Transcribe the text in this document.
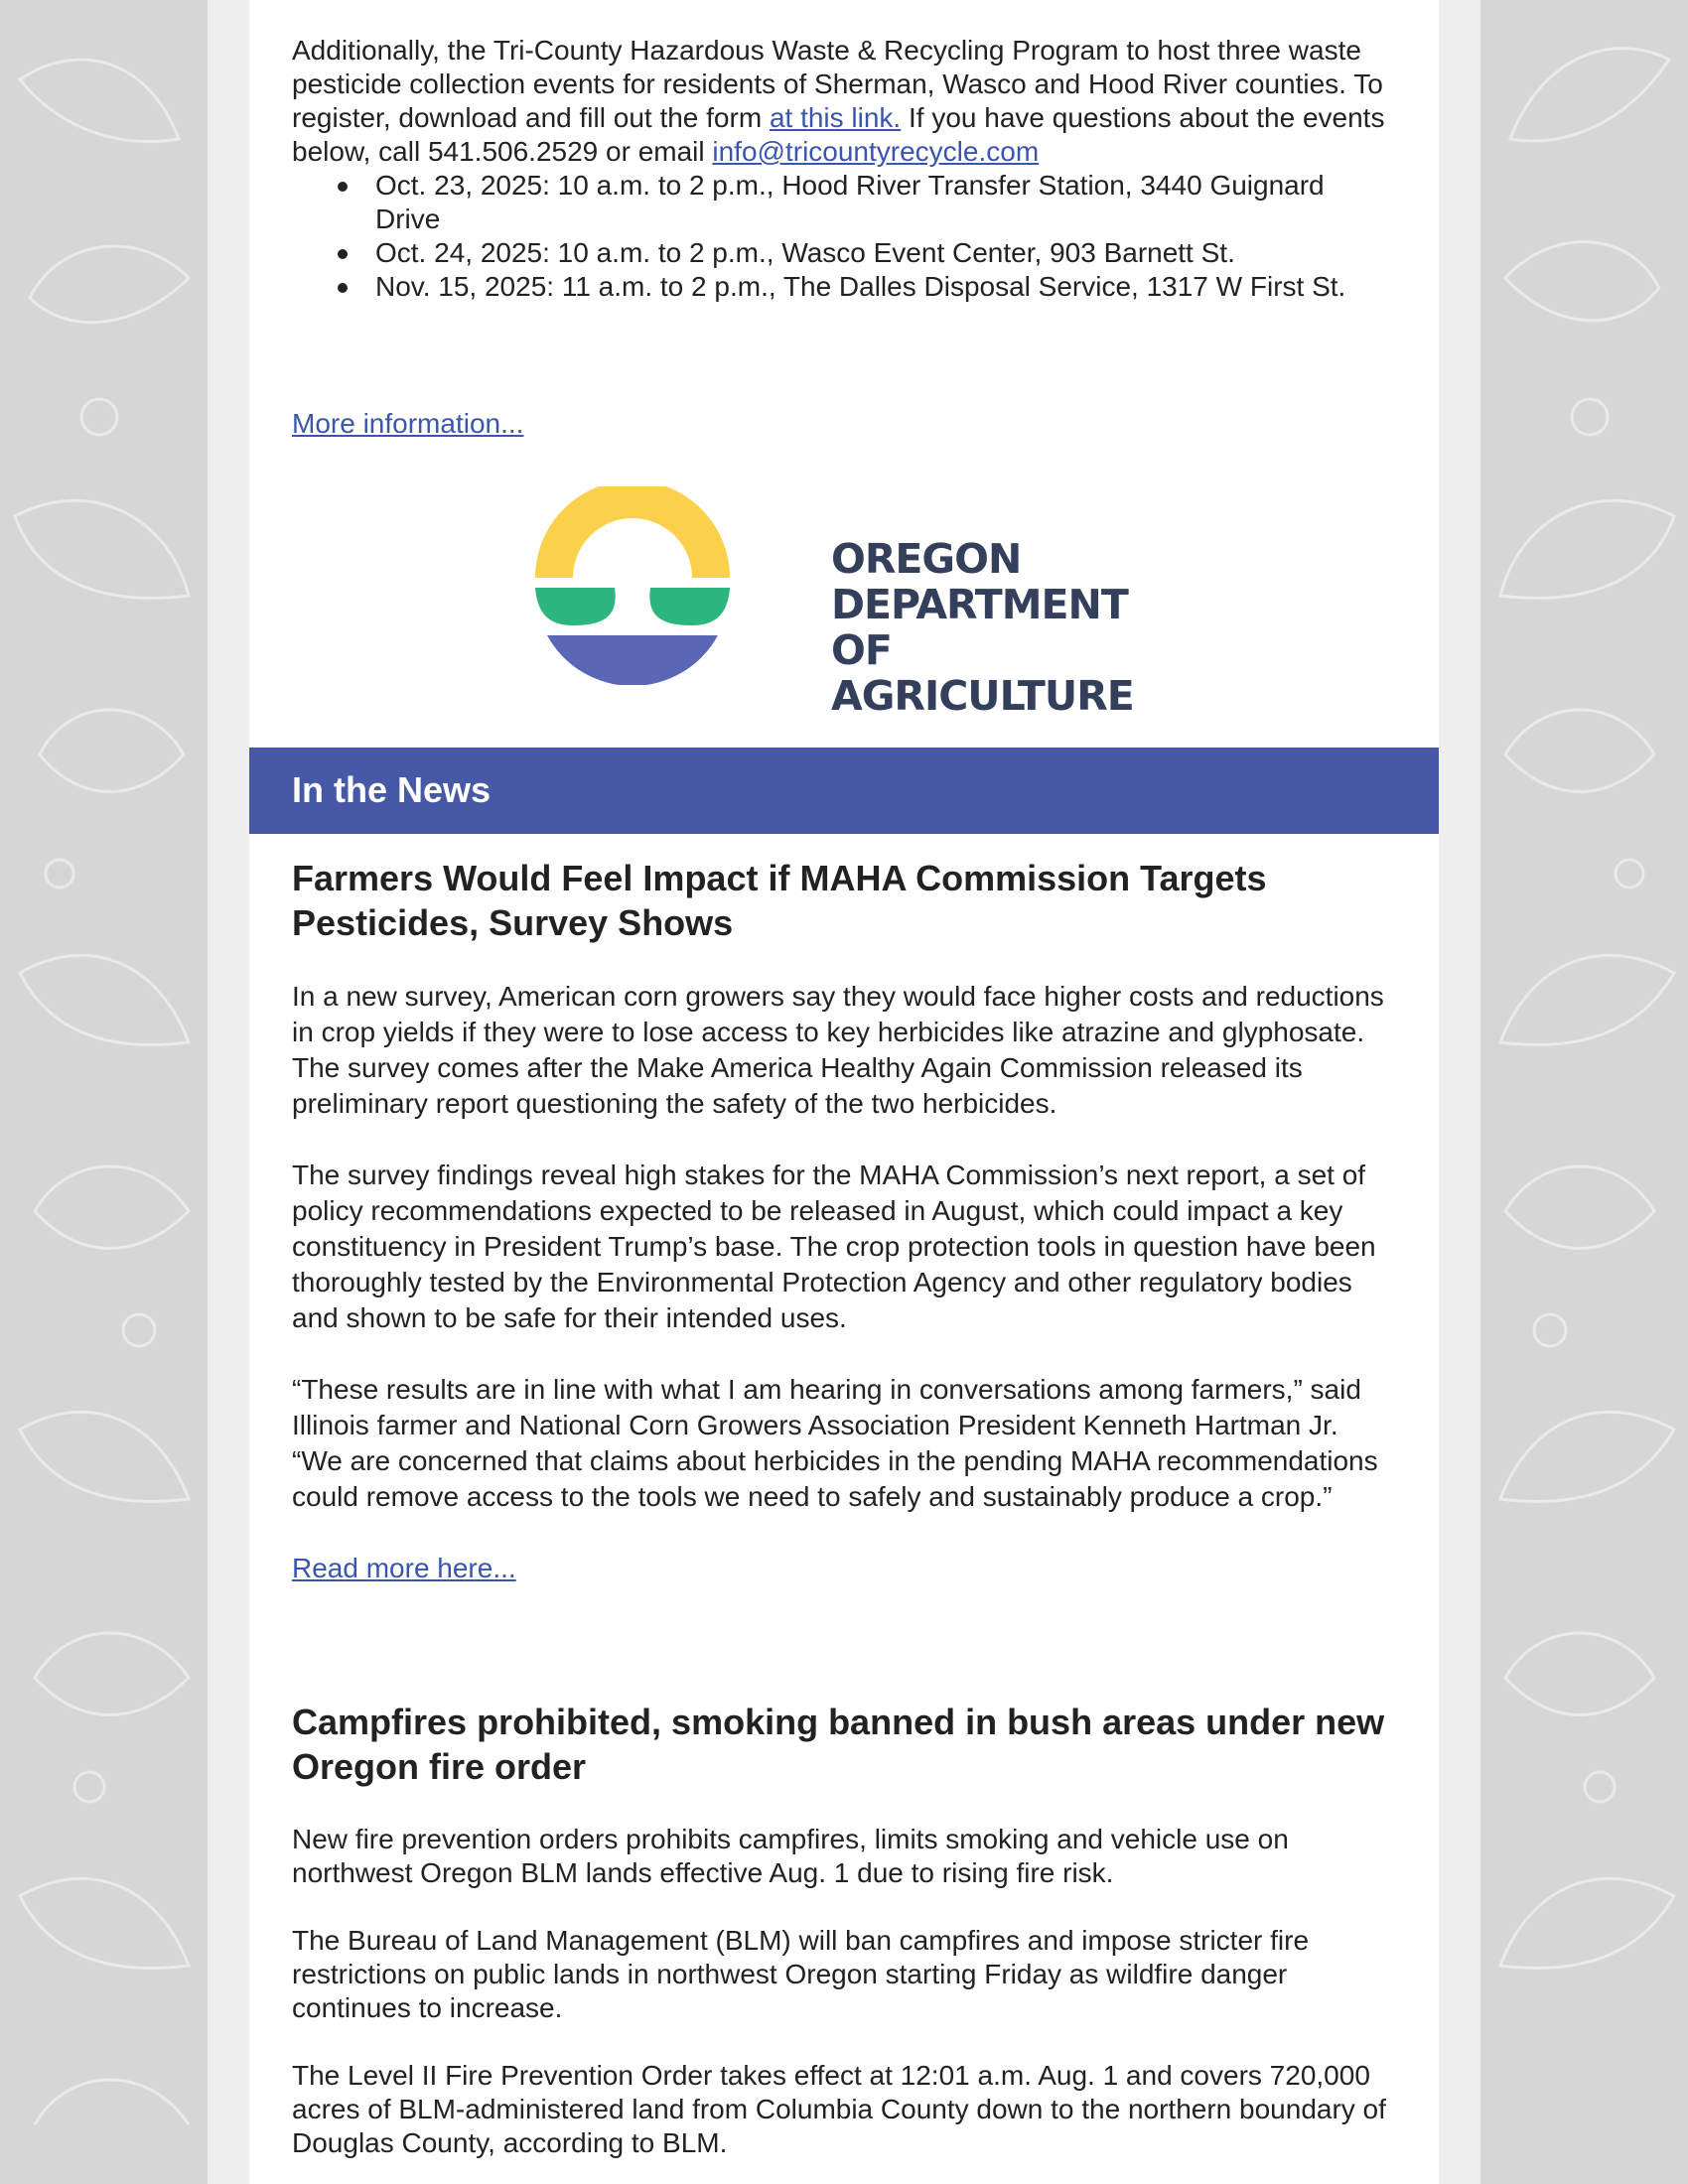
Additionally, the Tri-County Hazardous Waste & Recycling Program to host three waste pesticide collection events for residents of Sherman, Wasco and Hood River counties. To register, download and fill out the form at this link. If you have questions about the events below, call 541.506.2529 or email info@tricountyrecycle.com

Oct. 23, 2025: 10 a.m. to 2 p.m., Hood River Transfer Station, 3440 Guignard Drive
Oct. 24, 2025: 10 a.m. to 2 p.m., Wasco Event Center, 903 Barnett St.
Nov. 15, 2025: 11 a.m. to 2 p.m., The Dalles Disposal Service, 1317 W First St.

More information...

OREGON
DEPARTMENT OF
AGRICULTURE
In the News
Farmers Would Feel Impact if MAHA Commission Targets Pesticides, Survey Shows

In a new survey, American corn growers say they would face higher costs and reductions in crop yields if they were to lose access to key herbicides like atrazine and glyphosate. The survey comes after the Make America Healthy Again Commission released its preliminary report questioning the safety of the two herbicides.

The survey findings reveal high stakes for the MAHA Commission’s next report, a set of policy recommendations expected to be released in August, which could impact a key constituency in President Trump’s base. The crop protection tools in question have been thoroughly tested by the Environmental Protection Agency and other regulatory bodies and shown to be safe for their intended uses.

“These results are in line with what I am hearing in conversations among farmers,” said Illinois farmer and National Corn Growers Association President Kenneth Hartman Jr. “We are concerned that claims about herbicides in the pending MAHA recommendations could remove access to the tools we need to safely and sustainably produce a crop.”

Read more here...

Campfires prohibited, smoking banned in bush areas under new Oregon fire order

New fire prevention orders prohibits campfires, limits smoking and vehicle use on northwest Oregon BLM lands effective Aug. 1 due to rising fire risk.

The Bureau of Land Management (BLM) will ban campfires and impose stricter fire restrictions on public lands in northwest Oregon starting Friday as wildfire danger continues to increase.

The Level II Fire Prevention Order takes effect at 12:01 a.m. Aug. 1 and covers 720,000 acres of BLM-administered land from Columbia County down to the northern boundary of Douglas County, according to BLM.
